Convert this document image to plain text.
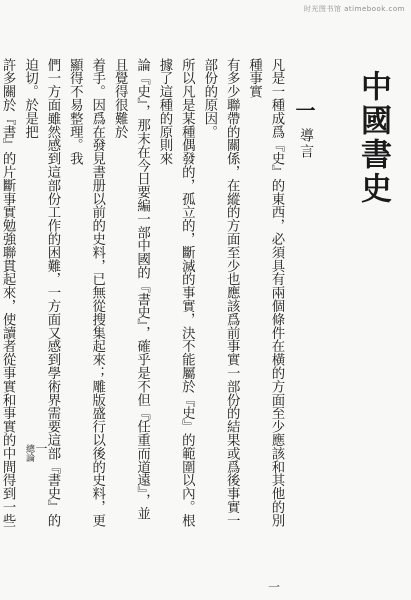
时光图书馆 atimebook.com
中國書史
一
導言
凡是一種成爲『史』的東西，必須具有兩個條件在橫的方面至少應該和其他的別種事實
有多少聯帶的關係，在縱的方面至少也應該爲前事實一部份的結果或爲後事實一部份的原因。
所以凡是某種偶發的，孤立的，斷滅的事實，決不能屬於『史』的範圍以內。根據了這種的原則來
論『史』，那末在今日要編一部中國的『書史』，確乎是不但『任重而道遠』，並且覺得很難於
着手。因爲在發見書册以前的史料，已無從搜集起來；雕版盛行以後的史料，更顯得不易整理。我
們一方面雖然感到這部份工作的困難，一方面又感到學術界需要這部『書史』的迫切。於是把
許多關於『書』的片斷事實勉強聯貫起來，使讀者從事實和事實的中間得到一些
一
總論
一
